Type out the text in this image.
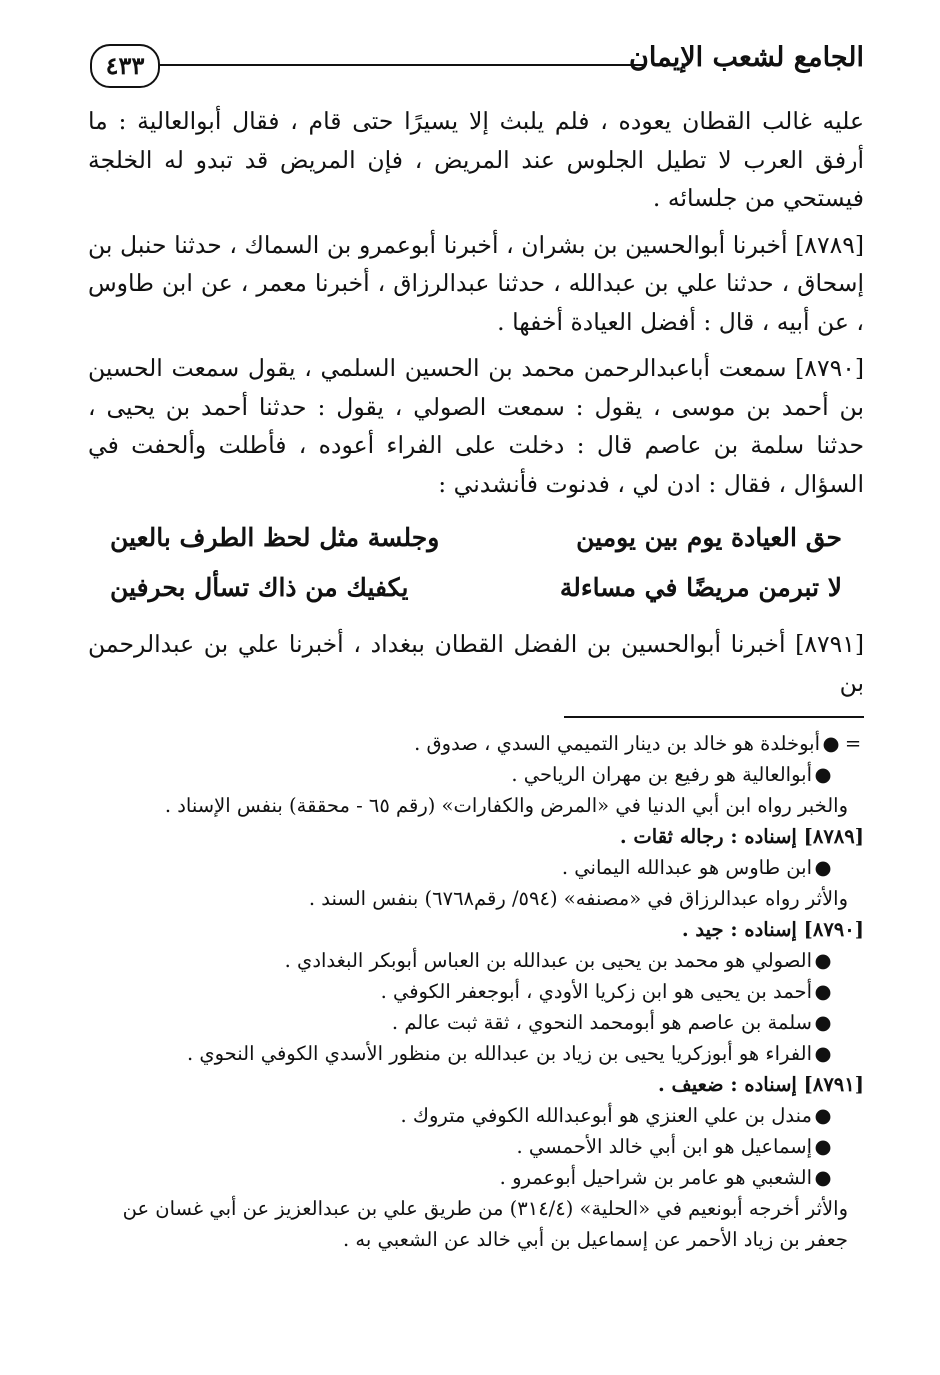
الجامع لشعب الإيمان
٤٣٣

عليه غالب القطان يعوده ، فلم يلبث إلا يسيرًا حتى قام ، فقال أبوالعالية : ما أرفق العرب لا تطيل الجلوس عند المريض ، فإن المريض قد تبدو له الخلجة فيستحي من جلسائه .

[٨٧٨٩] أخبرنا أبوالحسين بن بشران ، أخبرنا أبوعمرو بن السماك ، حدثنا حنبل بن إسحاق ، حدثنا علي بن عبدالله ، حدثنا عبدالرزاق ، أخبرنا معمر ، عن ابن طاوس ، عن أبيه ، قال : أفضل العيادة أخفها .

[٨٧٩٠] سمعت أباعبدالرحمن محمد بن الحسين السلمي ، يقول سمعت الحسين بن أحمد بن موسى ، يقول : سمعت الصولي ، يقول : حدثنا أحمد بن يحيى ، حدثنا سلمة بن عاصم قال : دخلت على الفراء أعوده ، فأطلت وألحفت في السؤال ، فقال : ادن لي ، فدنوت فأنشدني :

حق العيادة يوم بين يومين
وجلسة مثل لحظ الطرف بالعين
لا تبرمن مريضًا في مساءلة
يكفيك من ذاك تسأل بحرفين

[٨٧٩١] أخبرنا أبوالحسين بن الفضل القطان ببغداد ، أخبرنا علي بن عبدالرحمن بن

=
●
أبوخلدة هو خالد بن دينار التميمي السدي ، صدوق .
●
أبوالعالية هو رفيع بن مهران الرياحي .
والخبر رواه ابن أبي الدنيا في «المرض والكفارات» (رقم ٦٥ - محققة) بنفس الإسناد .
[٨٧٨٩] إسناده : رجاله ثقات .
●
ابن طاوس هو عبدالله اليماني .
والأثر رواه عبدالرزاق في «مصنفه» (٥٩٤/ رقم٦٧٦٨) بنفس السند .
[٨٧٩٠] إسناده : جيد .
●
الصولي هو محمد بن يحيى بن عبدالله بن العباس أبوبكر البغدادي .
●
أحمد بن يحيى هو ابن زكريا الأودي ، أبوجعفر الكوفي .
●
سلمة بن عاصم هو أبومحمد النحوي ، ثقة ثبت عالم .
●
الفراء هو أبوزكريا يحيى بن زياد بن عبدالله بن منظور الأسدي الكوفي النحوي .
[٨٧٩١] إسناده : ضعيف .
●
مندل بن علي العنزي هو أبوعبدالله الكوفي متروك .
●
إسماعيل هو ابن أبي خالد الأحمسي .
●
الشعبي هو عامر بن شراحيل أبوعمرو .
والأثر أخرجه أبونعيم في «الحلية» (٣١٤/٤) من طريق علي بن عبدالعزيز عن أبي غسان عن جعفر بن زياد الأحمر عن إسماعيل بن أبي خالد عن الشعبي به .
